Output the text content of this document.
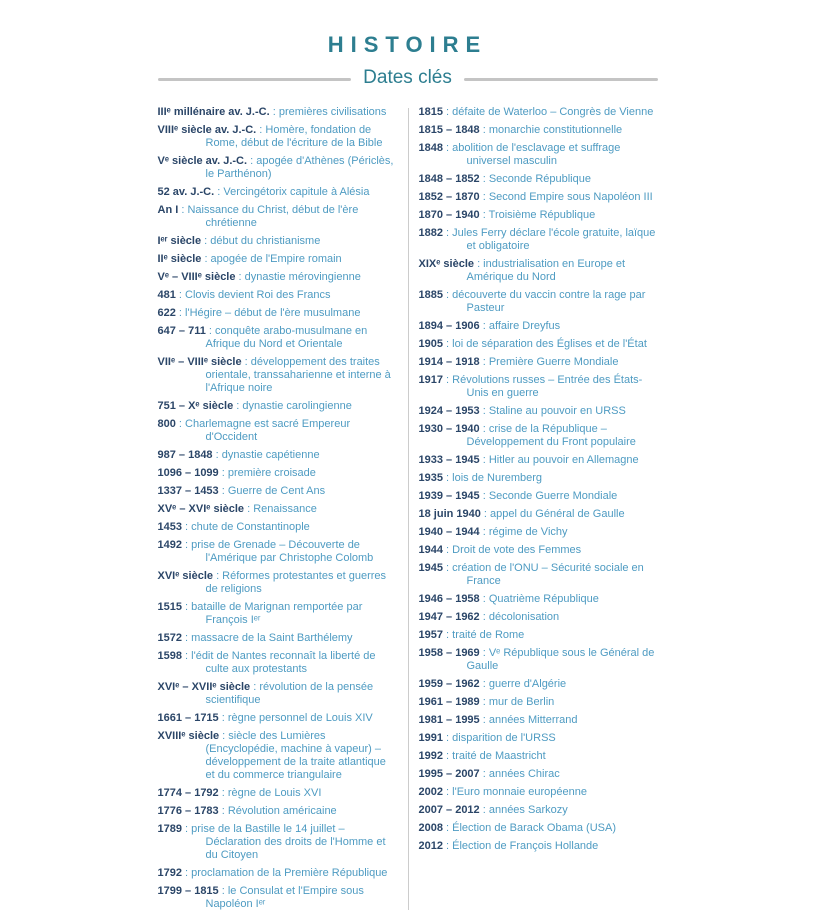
HISTOIRE
Dates clés
IIIᵉ millénaire av. J.-C. : premières civilisations
VIIIᵉ siècle av. J.-C. : Homère, fondation de Rome, début de l'écriture de la Bible
Vᵉ siècle av. J.-C. : apogée d'Athènes (Périclès, le Parthénon)
52 av. J.-C. : Vercingétorix capitule à Alésia
An I : Naissance du Christ, début de l'ère chrétienne
Iᵉʳ siècle : début du christianisme
IIᵉ siècle : apogée de l'Empire romain
Vᵉ – VIIIᵉ siècle : dynastie mérovingienne
481 : Clovis devient Roi des Francs
622 : l'Hégire – début de l'ère musulmane
647 – 711 : conquête arabo-musulmane en Afrique du Nord et Orientale
VIIᵉ – VIIIᵉ siècle : développement des traites orientale, transsaharienne et interne à l'Afrique noire
751 – Xᵉ siècle : dynastie carolingienne
800 : Charlemagne est sacré Empereur d'Occident
987 – 1848 : dynastie capétienne
1096 – 1099 : première croisade
1337 – 1453 : Guerre de Cent Ans
XVᵉ – XVIᵉ siècle : Renaissance
1453 : chute de Constantinople
1492 : prise de Grenade – Découverte de l'Amérique par Christophe Colomb
XVIᵉ siècle : Réformes protestantes et guerres de religions
1515 : bataille de Marignan remportée par François Iᵉʳ
1572 : massacre de la Saint Barthélemy
1598 : l'édit de Nantes reconnaît la liberté de culte aux protestants
XVIᵉ – XVIIᵉ siècle : révolution de la pensée scientifique
1661 – 1715 : règne personnel de Louis XIV
XVIIIᵉ siècle : siècle des Lumières (Encyclopédie, machine à vapeur) – développement de la traite atlantique et du commerce triangulaire
1774 – 1792 : règne de Louis XVI
1776 – 1783 : Révolution américaine
1789 : prise de la Bastille le 14 juillet – Déclaration des droits de l'Homme et du Citoyen
1792 : proclamation de la Première République
1799 – 1815 : le Consulat et l'Empire sous Napoléon Iᵉʳ
1815 : défaite de Waterloo – Congrès de Vienne
1815 – 1848 : monarchie constitutionnelle
1848 : abolition de l'esclavage et suffrage universel masculin
1848 – 1852 : Seconde République
1852 – 1870 : Second Empire sous Napoléon III
1870 – 1940 : Troisième République
1882 : Jules Ferry déclare l'école gratuite, laïque et obligatoire
XIXᵉ siècle : industrialisation en Europe et Amérique du Nord
1885 : découverte du vaccin contre la rage par Pasteur
1894 – 1906 : affaire Dreyfus
1905 : loi de séparation des Églises et de l'État
1914 – 1918 : Première Guerre Mondiale
1917 : Révolutions russes – Entrée des États-Unis en guerre
1924 – 1953 : Staline au pouvoir en URSS
1930 – 1940 : crise de la République – Développement du Front populaire
1933 – 1945 : Hitler au pouvoir en Allemagne
1935 : lois de Nuremberg
1939 – 1945 : Seconde Guerre Mondiale
18 juin 1940 : appel du Général de Gaulle
1940 – 1944 : régime de Vichy
1944 : Droit de vote des Femmes
1945 : création de l'ONU – Sécurité sociale en France
1946 – 1958 : Quatrième République
1947 – 1962 : décolonisation
1957 : traité de Rome
1958 – 1969 : Vᵉ République sous le Général de Gaulle
1959 – 1962 : guerre d'Algérie
1961 – 1989 : mur de Berlin
1981 – 1995 : années Mitterrand
1991 : disparition de l'URSS
1992 : traité de Maastricht
1995 – 2007 : années Chirac
2002 : l'Euro monnaie européenne
2007 – 2012 : années Sarkozy
2008 : Élection de Barack Obama (USA)
2012 : Élection de François Hollande
